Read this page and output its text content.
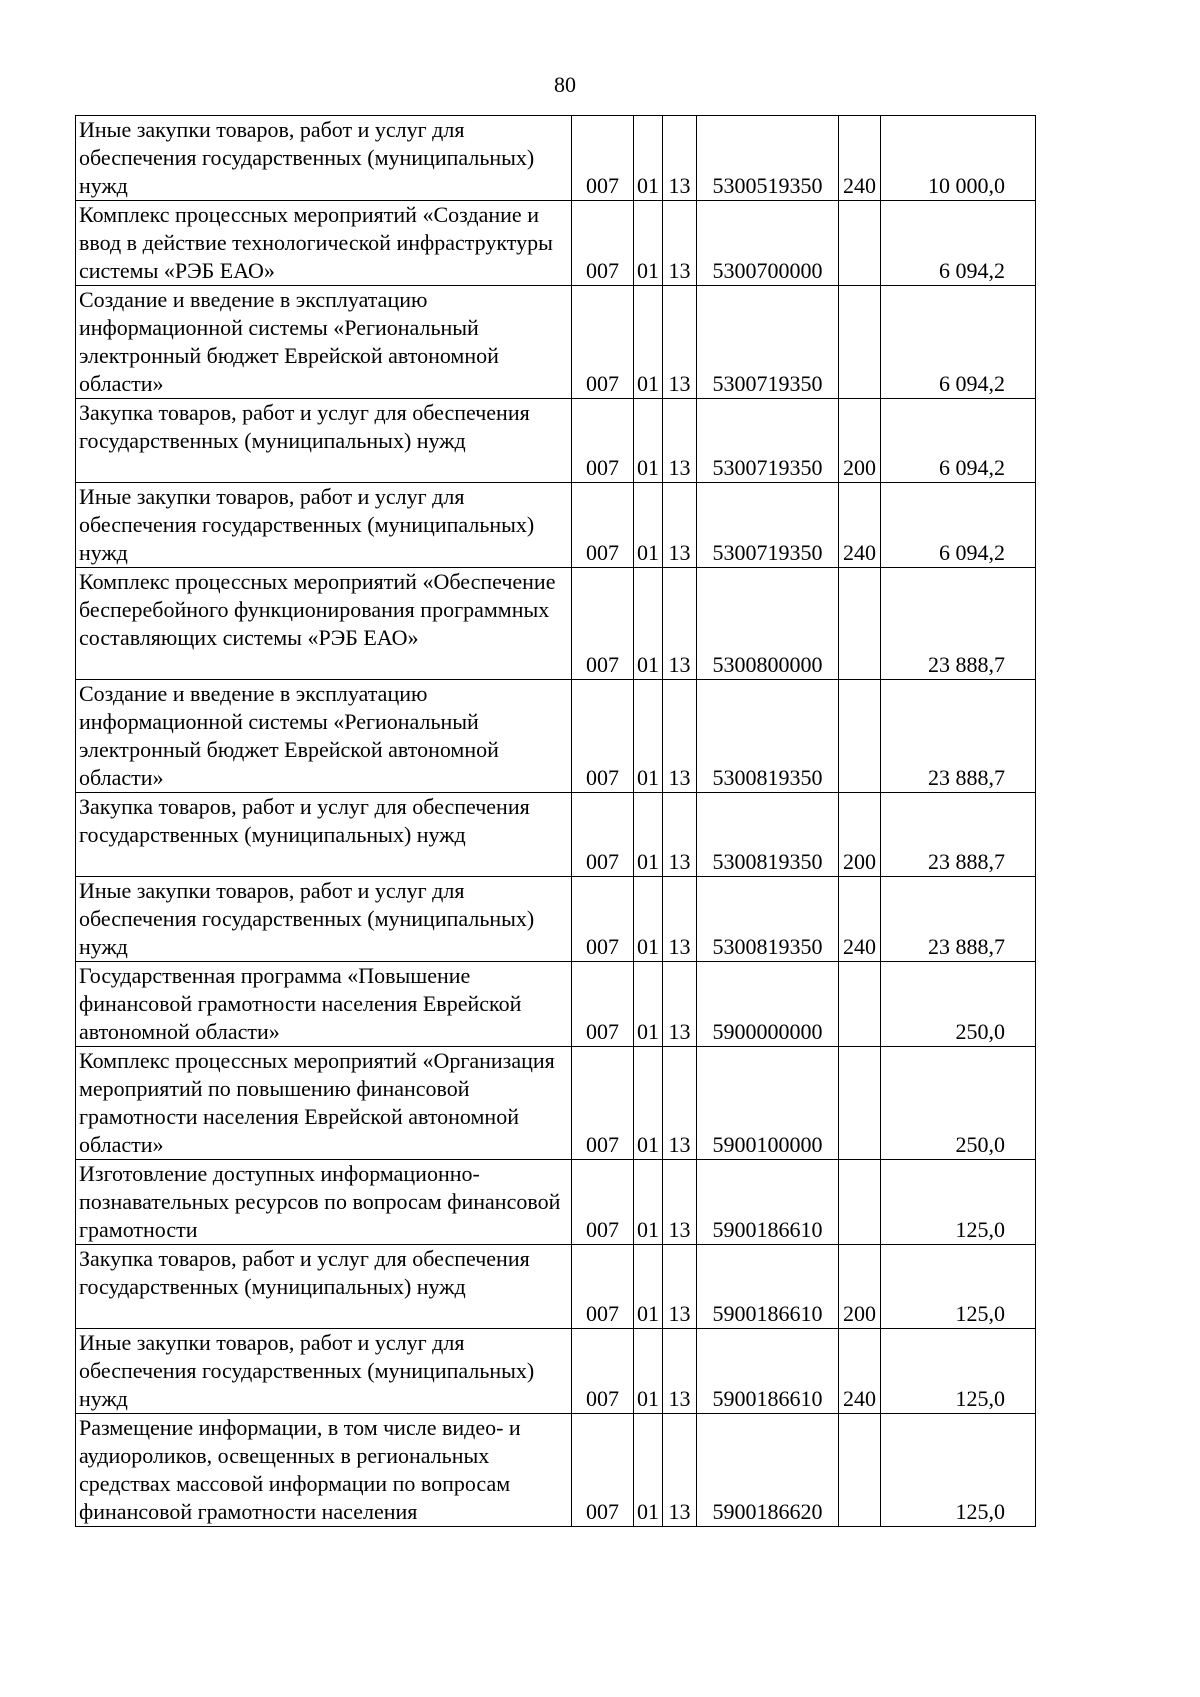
80
Иные закупки товаров, работ и услуг для обеспечения государственных (муниципальных) нужд	007	01	13	5300519350	240	10 000,0
Комплекс процессных мероприятий «Создание и ввод в действие технологической инфраструктуры системы «РЭБ ЕАО»	007	01	13	5300700000		6 094,2
Создание и введение в эксплуатацию информационной системы «Региональный электронный бюджет Еврейской автономной области»	007	01	13	5300719350		6 094,2
Закупка товаров, работ и услуг для обеспечения государственных (муниципальных) нужд	007	01	13	5300719350	200	6 094,2
Иные закупки товаров, работ и услуг для обеспечения государственных (муниципальных) нужд	007	01	13	5300719350	240	6 094,2
Комплекс процессных мероприятий «Обеспечение бесперебойного функционирования программных составляющих системы «РЭБ ЕАО»	007	01	13	5300800000		23 888,7
Создание и введение в эксплуатацию информационной системы «Региональный электронный бюджет Еврейской автономной области»	007	01	13	5300819350		23 888,7
Закупка товаров, работ и услуг для обеспечения государственных (муниципальных) нужд	007	01	13	5300819350	200	23 888,7
Иные закупки товаров, работ и услуг для обеспечения государственных (муниципальных) нужд	007	01	13	5300819350	240	23 888,7
Государственная программа «Повышение финансовой грамотности населения Еврейской автономной области»	007	01	13	5900000000		250,0
Комплекс процессных мероприятий «Организация мероприятий по повышению финансовой грамотности населения Еврейской автономной области»	007	01	13	5900100000		250,0
Изготовление доступных информационно-познавательных ресурсов по вопросам финансовой грамотности	007	01	13	5900186610		125,0
Закупка товаров, работ и услуг для обеспечения государственных (муниципальных) нужд	007	01	13	5900186610	200	125,0
Иные закупки товаров, работ и услуг для обеспечения государственных (муниципальных) нужд	007	01	13	5900186610	240	125,0
Размещение информации, в том числе видео- и аудиороликов, освещенных в региональных средствах массовой информации по вопросам финансовой грамотности населения	007	01	13	5900186620		125,0
